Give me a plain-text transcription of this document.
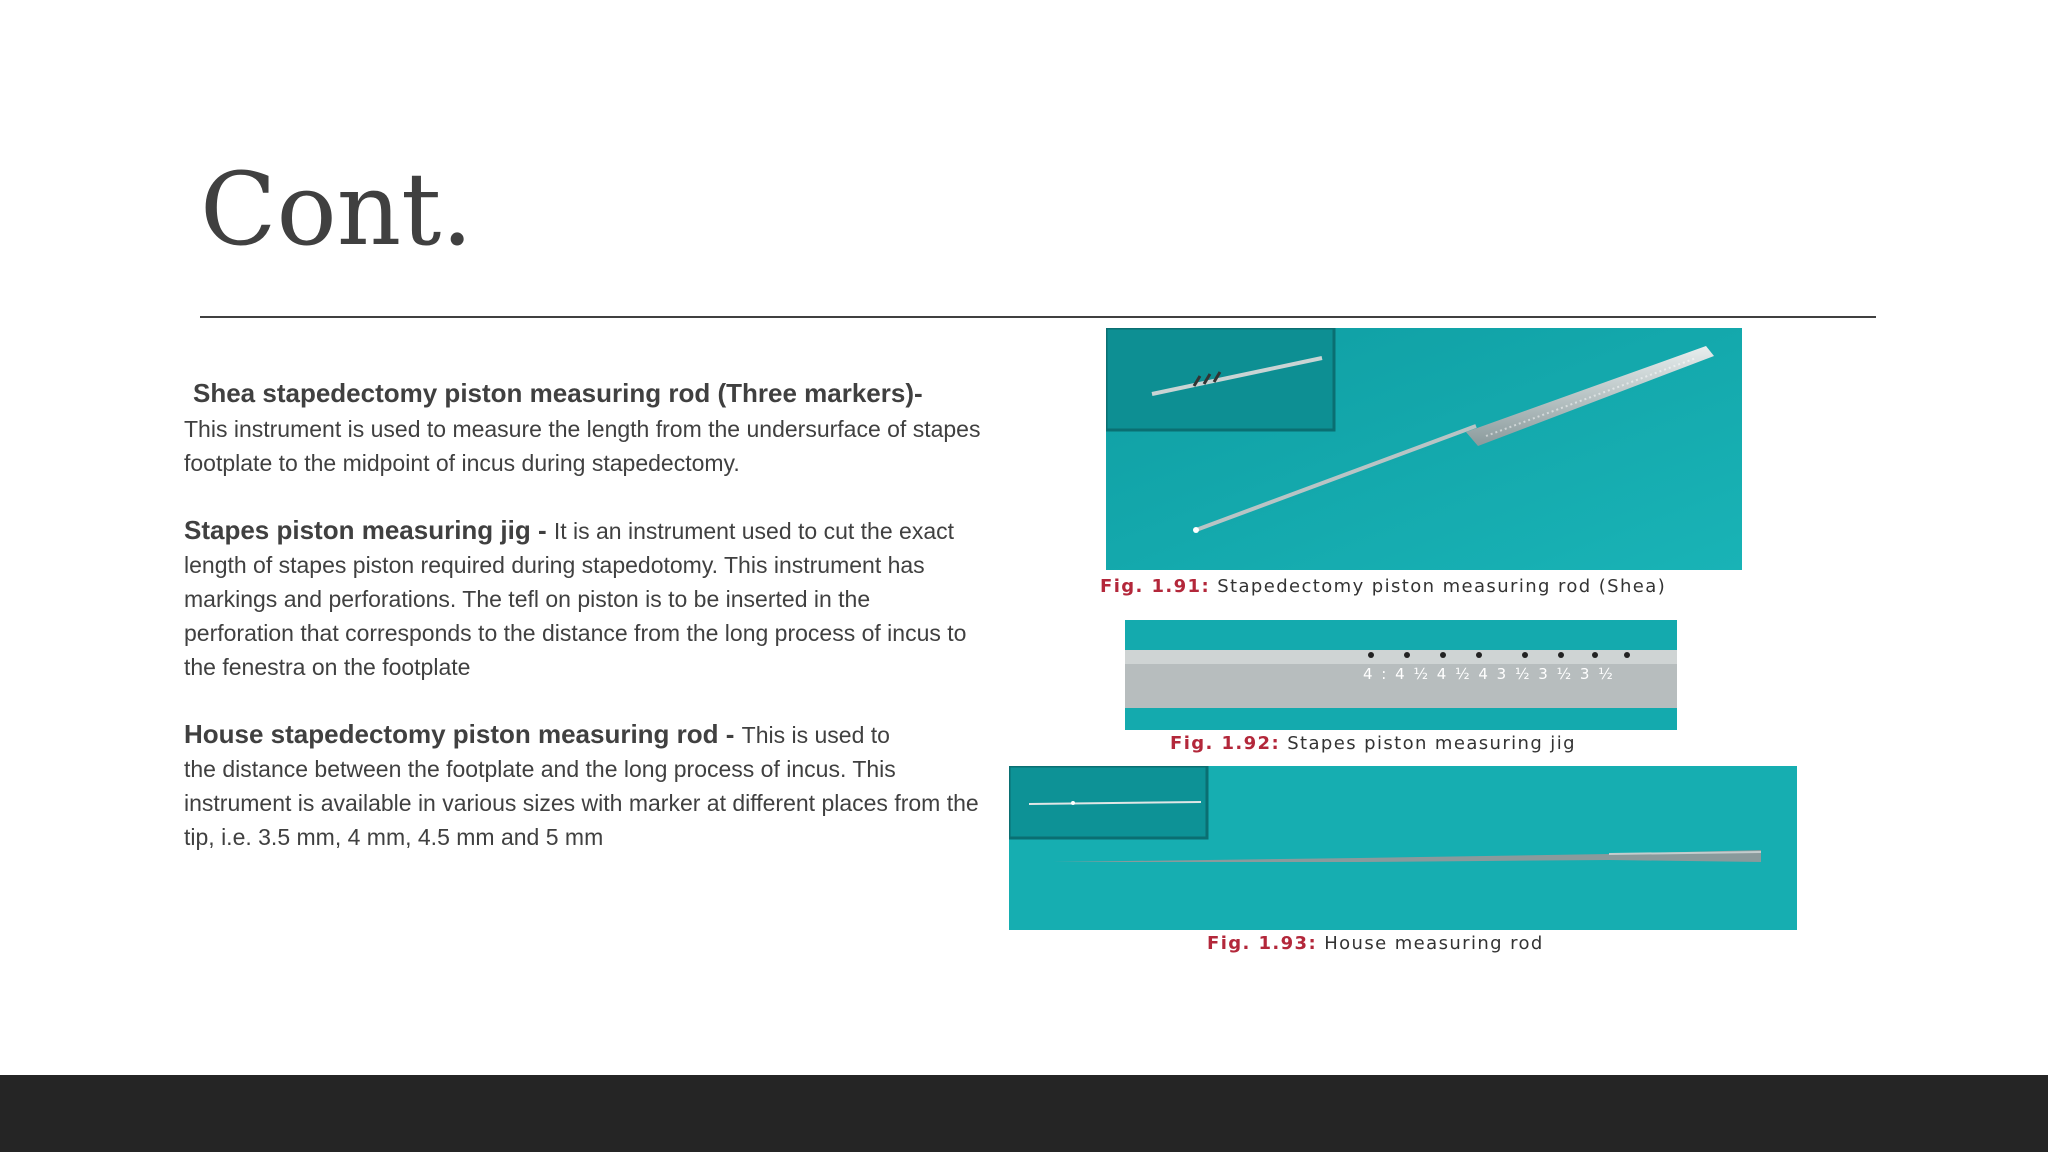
Cont.

Shea stapedectomy piston measuring rod (Three markers)-
This instrument is used to measure the length from the undersurface of stapes footplate to the midpoint of incus during stapedectomy.

Stapes piston measuring jig - It is an instrument used to cut the exact length of stapes piston required during stapedotomy. This instrument has markings and perforations. The tefl on piston is to be inserted in the perforation that corresponds to the distance from the long process of incus to the fenestra on the footplate

House stapedectomy piston measuring rod - This is used to
the distance between the footplate and the long process of incus. This instrument is available in various sizes with marker at different places from the tip, i.e. 3.5 mm, 4 mm, 4.5 mm and 5 mm

Fig. 1.91: Stapedectomy piston measuring rod (Shea)
4 : 4 ½ 4 ½ 4 3 ½ 3 ½ 3 ½
Fig. 1.92: Stapes piston measuring jig
Fig. 1.93: House measuring rod
